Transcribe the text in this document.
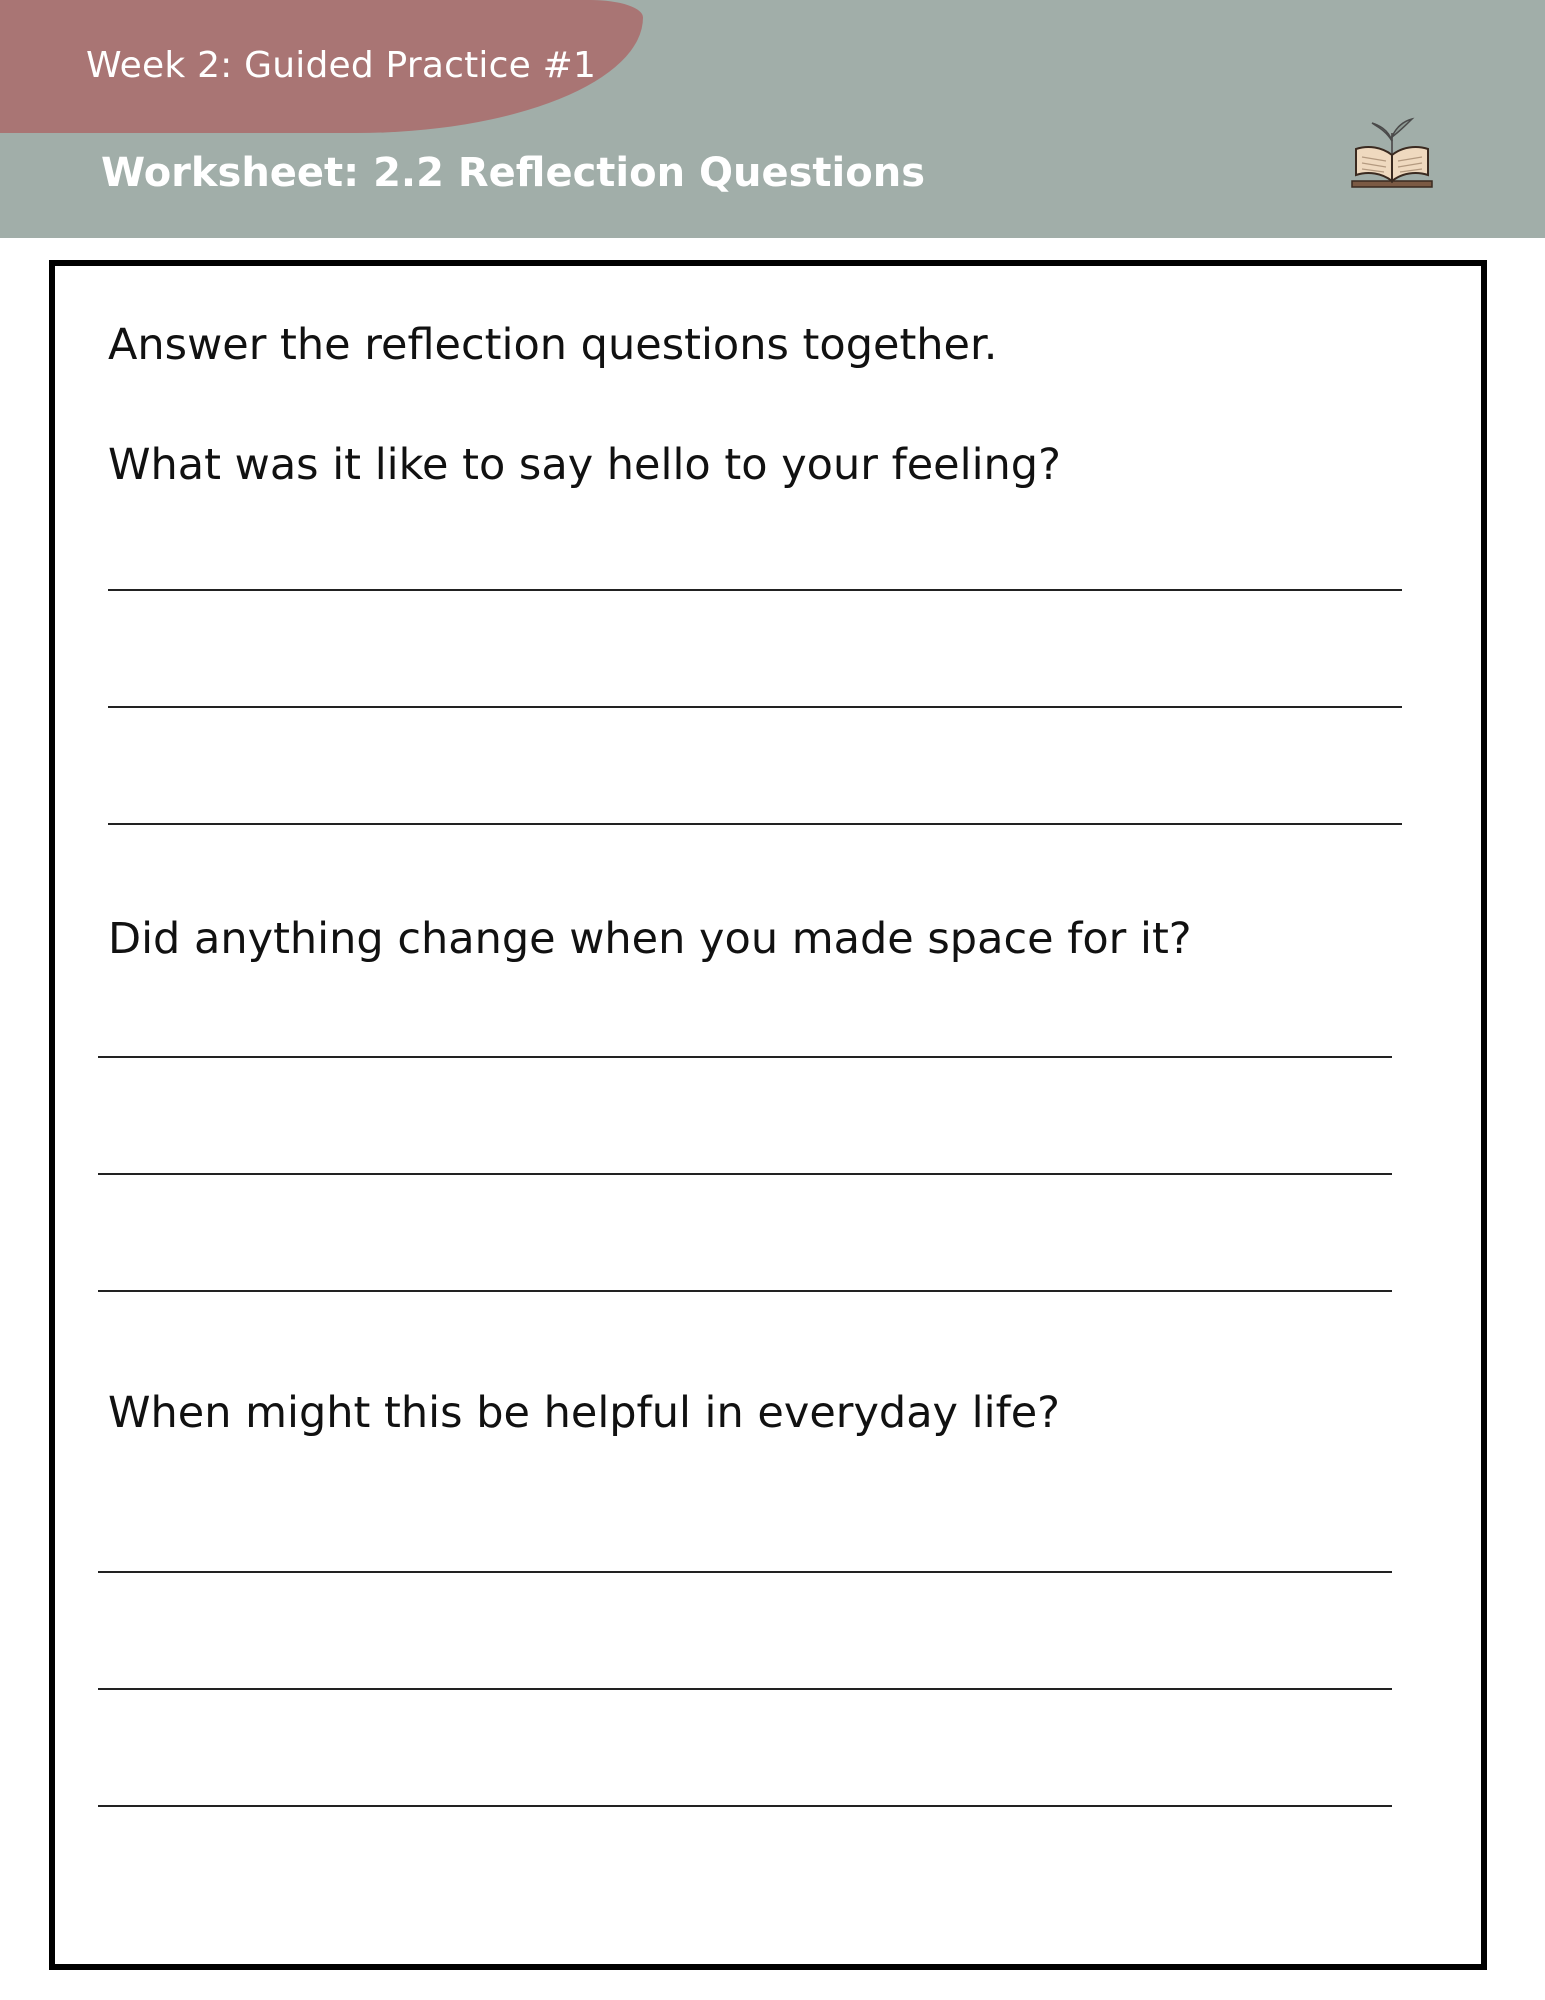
Week 2: Guided Practice #1
Worksheet: 2.2 Reflection Questions
Answer the reflection questions together.
What was it like to say hello to your feeling?
Did anything change when you made space for it?
When might this be helpful in everyday life?
